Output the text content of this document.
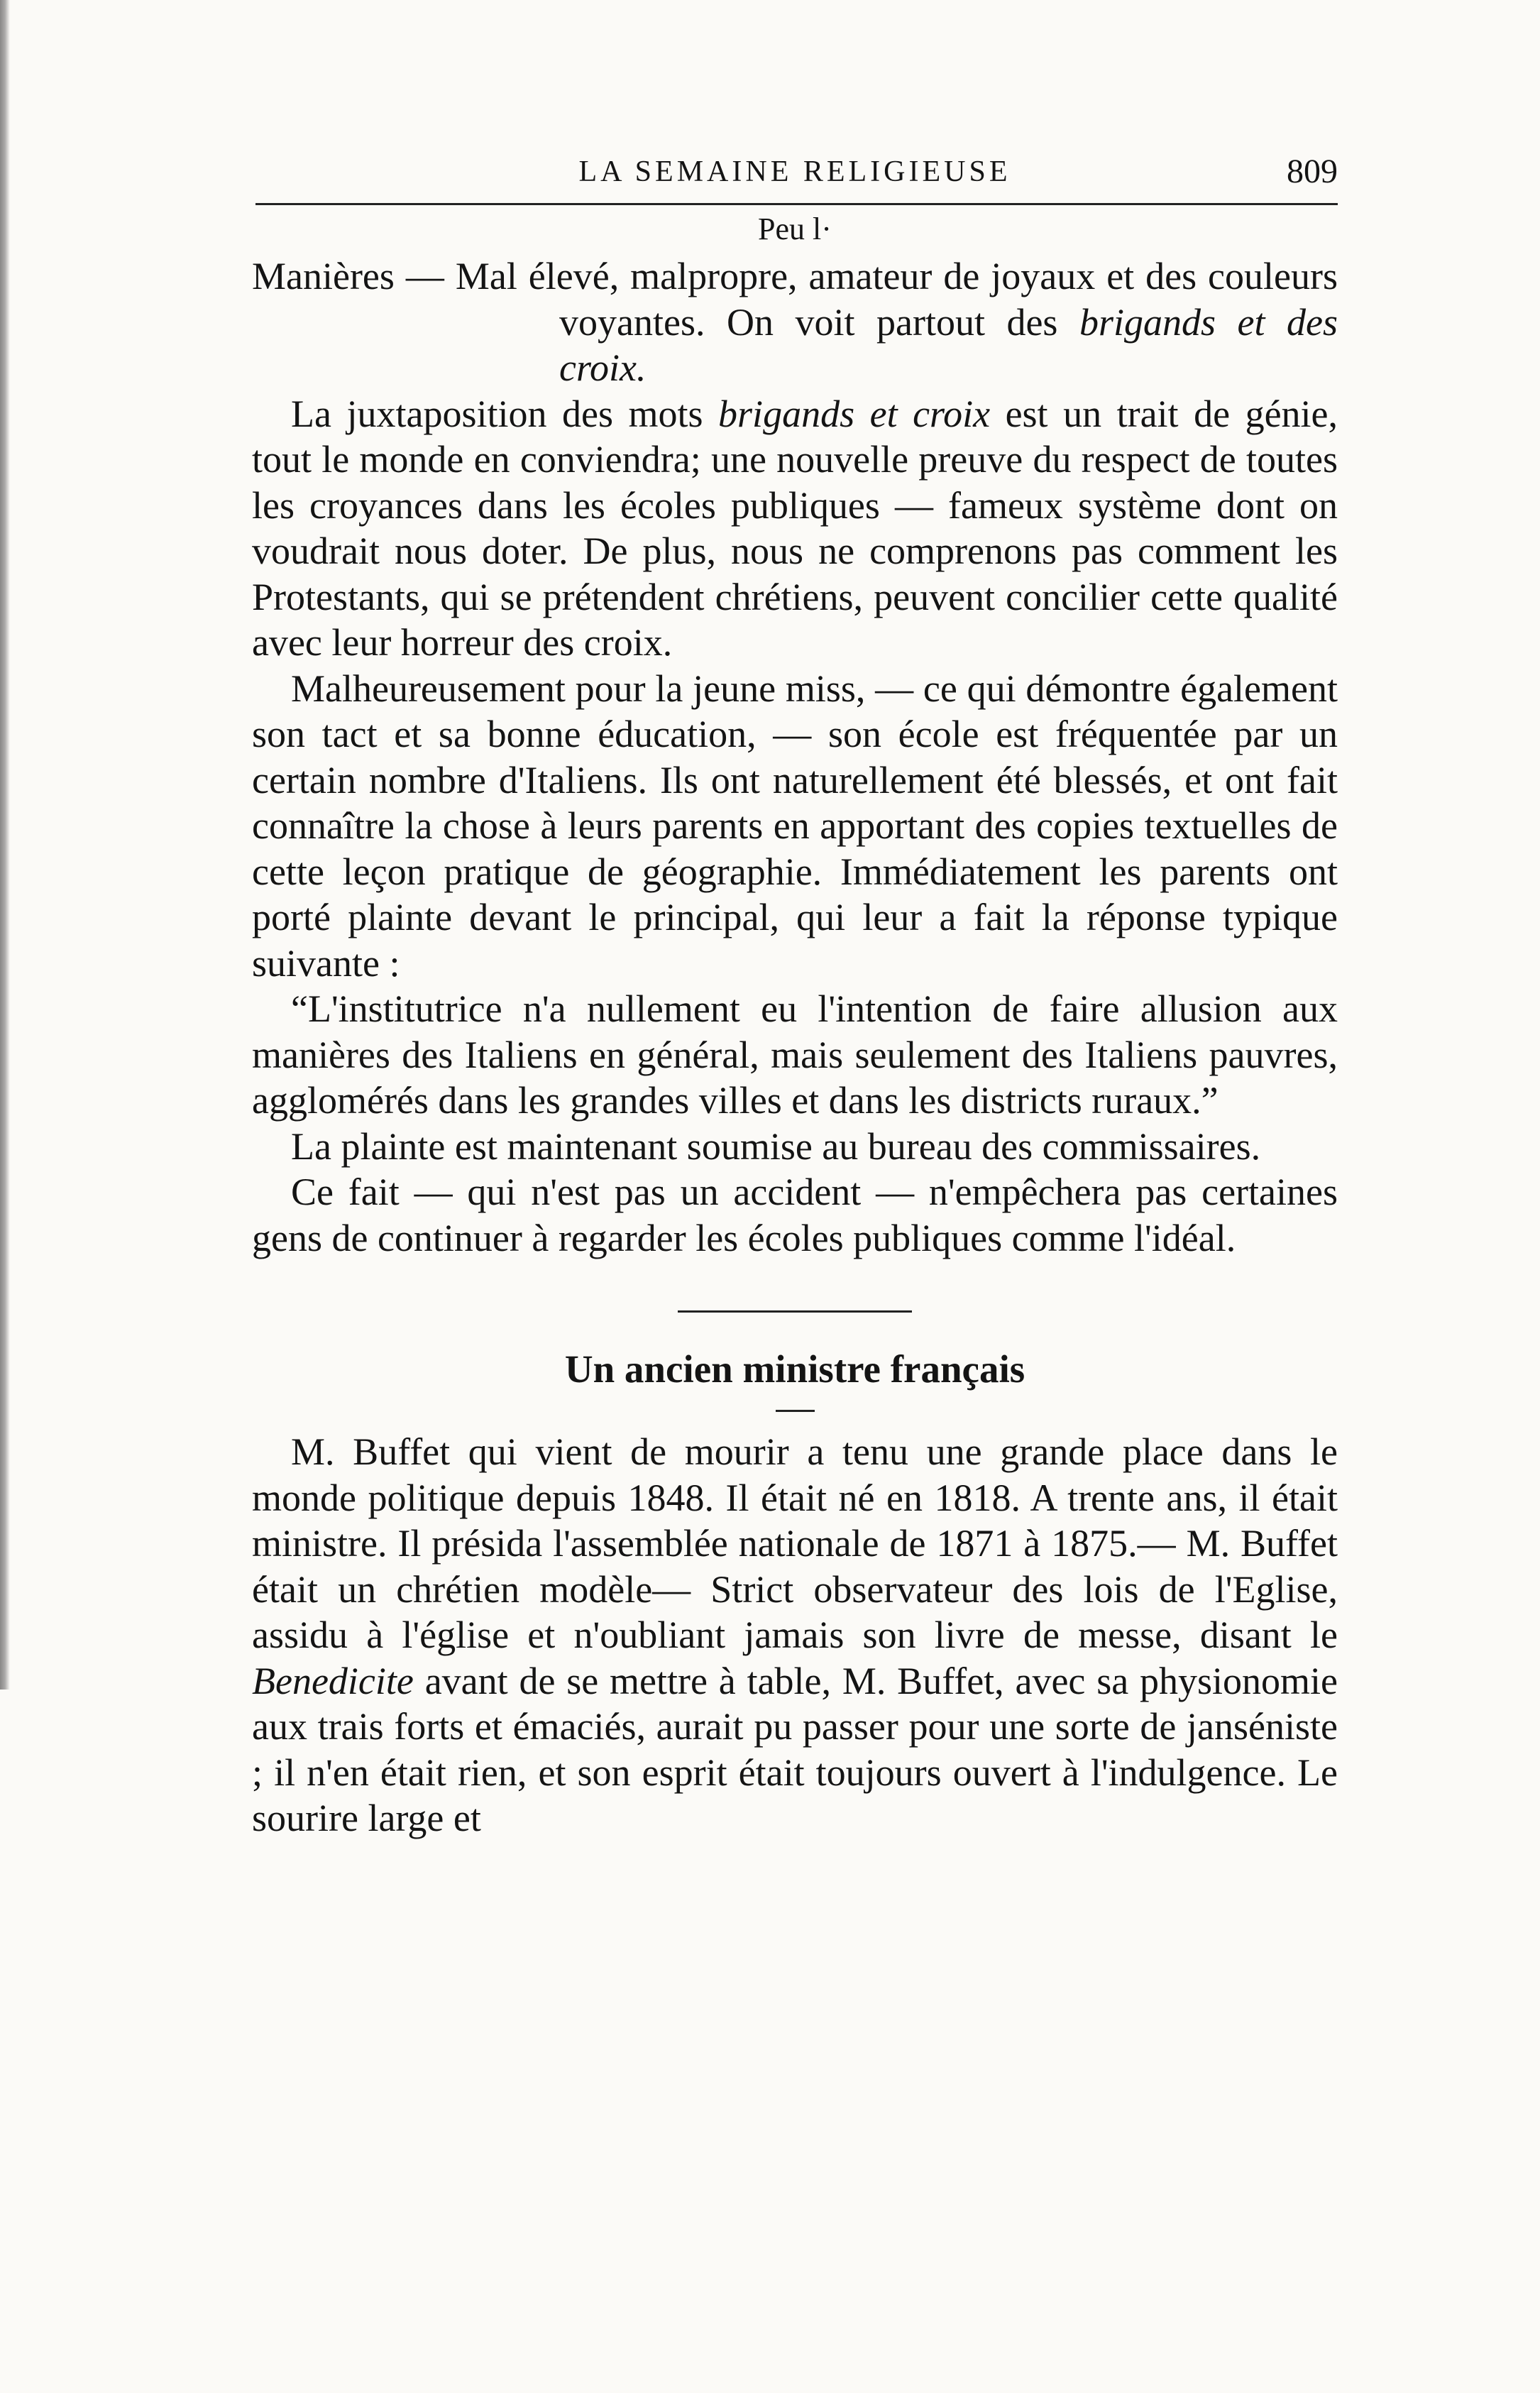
LA SEMAINE RELIGIEUSE	809
Peu l·

Manières — Mal élevé, malpropre, amateur de joyaux et des couleurs voyantes. On voit partout des brigands et des croix.

La juxtaposition des mots brigands et croix est un trait de génie, tout le monde en conviendra; une nouvelle preuve du respect de toutes les croyances dans les écoles publiques — fameux système dont on voudrait nous doter. De plus, nous ne comprenons pas comment les Protestants, qui se prétendent chrétiens, peuvent concilier cette qualité avec leur horreur des croix.

Malheureusement pour la jeune miss, — ce qui démontre également son tact et sa bonne éducation, — son école est fréquentée par un certain nombre d'Italiens. Ils ont naturellement été blessés, et ont fait connaître la chose à leurs parents en apportant des copies textuelles de cette leçon pratique de géographie. Immédiatement les parents ont porté plainte devant le principal, qui leur a fait la réponse typique suivante :

“L'institutrice n'a nullement eu l'intention de faire allusion aux manières des Italiens en général, mais seulement des Italiens pauvres, agglomérés dans les grandes villes et dans les districts ruraux.”

La plainte est maintenant soumise au bureau des commissaires.

Ce fait — qui n'est pas un accident — n'empêchera pas certaines gens de continuer à regarder les écoles publiques comme l'idéal.

Un ancien ministre français

M. Buffet qui vient de mourir a tenu une grande place dans le monde politique depuis 1848. Il était né en 1818. A trente ans, il était ministre. Il présida l'assemblée nationale de 1871 à 1875.— M. Buffet était un chrétien modèle— Strict observateur des lois de l'Eglise, assidu à l'église et n'oubliant jamais son livre de messe, disant le Benedicite avant de se mettre à table, M. Buffet, avec sa physionomie aux trais forts et émaciés, aurait pu passer pour une sorte de janséniste ; il n'en était rien, et son esprit était toujours ouvert à l'indulgence. Le sourire large et
